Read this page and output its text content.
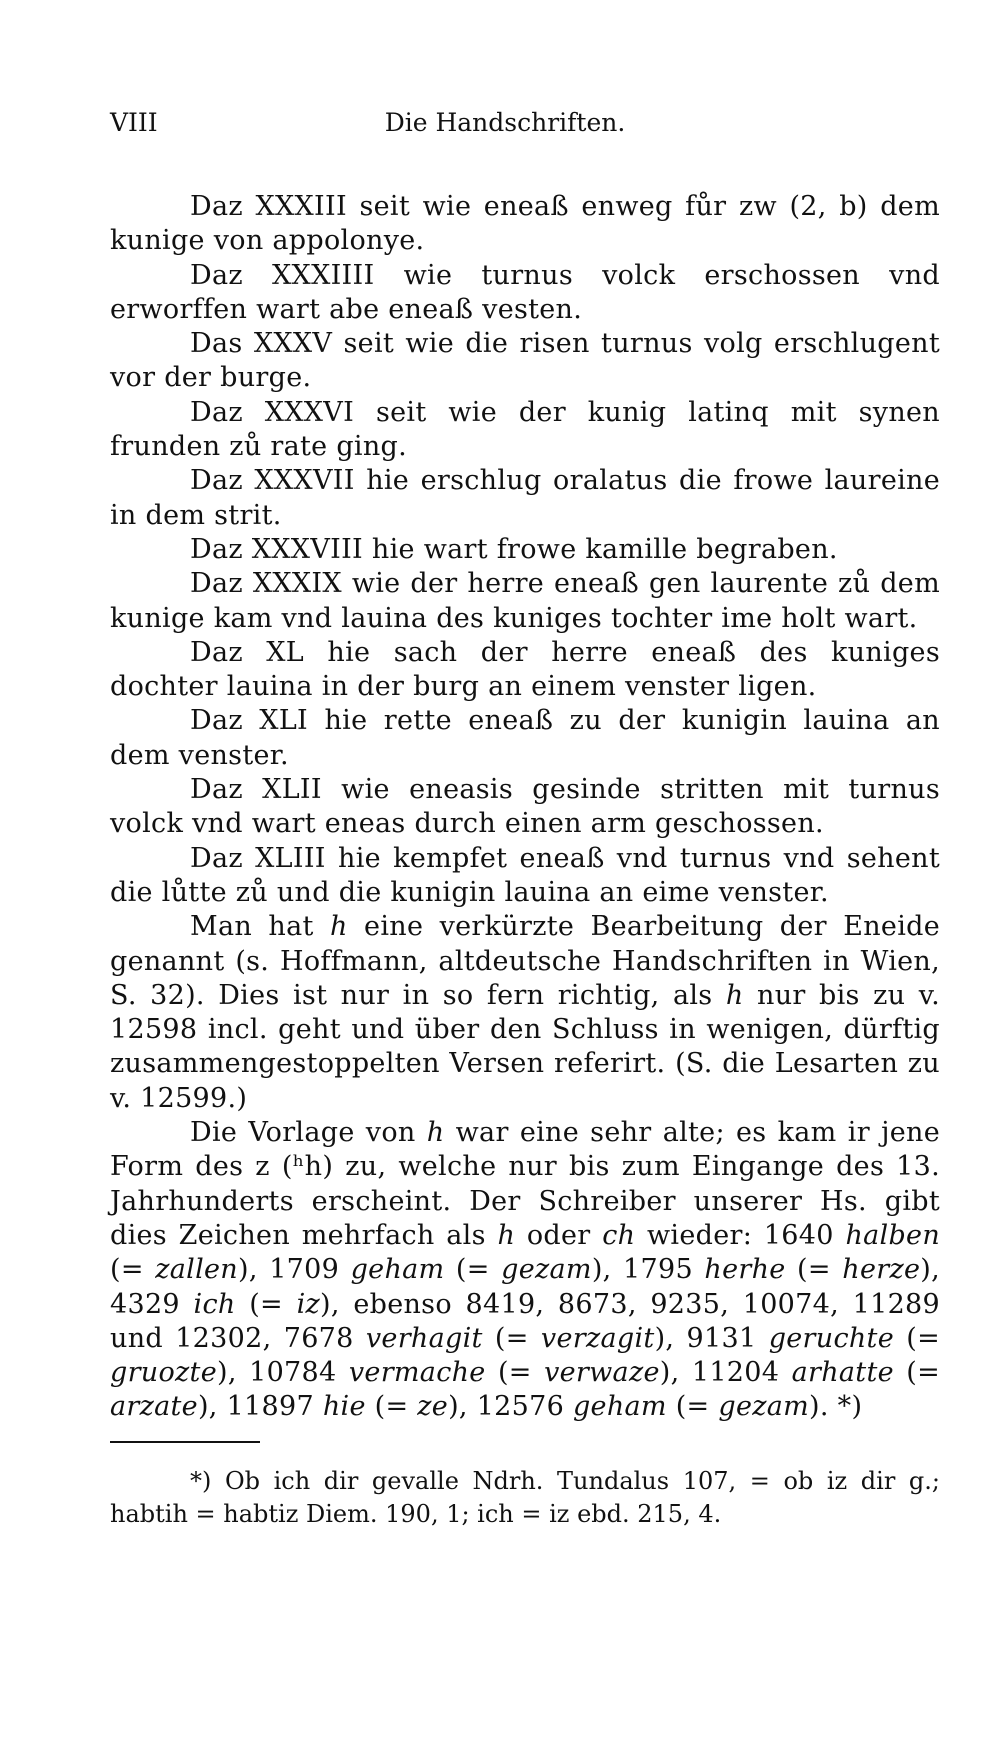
VIII	Die Handschriften.

Daz XXXIII seit wie eneaß enweg fůr zw (2, b) dem kunige von appolonye.

Daz XXXIIII wie turnus volck erschossen vnd erworffen wart abe eneaß vesten.

Das XXXV seit wie die risen turnus volg erschlugent vor der burge.

Daz XXXVI seit wie der kunig latinq mit synen frunden zů rate ging.

Daz XXXVII hie erschlug oralatus die frowe laureine in dem strit.

Daz XXXVIII hie wart frowe kamille begraben.

Daz XXXIX wie der herre eneaß gen laurente zů dem kunige kam vnd lauina des kuniges tochter ime holt wart.

Daz XL hie sach der herre eneaß des kuniges dochter lauina in der burg an einem venster ligen.

Daz XLI hie rette eneaß zu der kunigin lauina an dem venster.

Daz XLII wie eneasis gesinde stritten mit turnus volck vnd wart eneas durch einen arm geschossen.

Daz XLIII hie kempfet eneaß vnd turnus vnd sehent die lůtte zů und die kunigin lauina an eime venster.

Man hat h eine verkürzte Bearbeitung der Eneide genannt (s. Hoffmann, altdeutsche Handschriften in Wien, S. 32). Dies ist nur in so fern richtig, als h nur bis zu v. 12598 incl. geht und über den Schluss in wenigen, dürftig zusammengestoppelten Versen referirt. (S. die Lesarten zu v. 12599.)

Die Vorlage von h war eine sehr alte; es kam ir jene Form des z (ʰh) zu, welche nur bis zum Eingange des 13. Jahrhunderts erscheint. Der Schreiber unserer Hs. gibt dies Zeichen mehrfach als h oder ch wieder: 1640 halben (= zallen), 1709 geham (= gezam), 1795 herhe (= herze), 4329 ich (= iz), ebenso 8419, 8673, 9235, 10074, 11289 und 12302, 7678 verhagit (= verzagit), 9131 geruchte (= gruozte), 10784 vermache (= verwaze), 11204 arhatte (= arzate), 11897 hie (= ze), 12576 geham (= gezam). *)

*) Ob ich dir gevalle Ndrh. Tundalus 107, = ob iz dir g.; habtih = habtiz Diem. 190, 1; ich = iz ebd. 215, 4.
